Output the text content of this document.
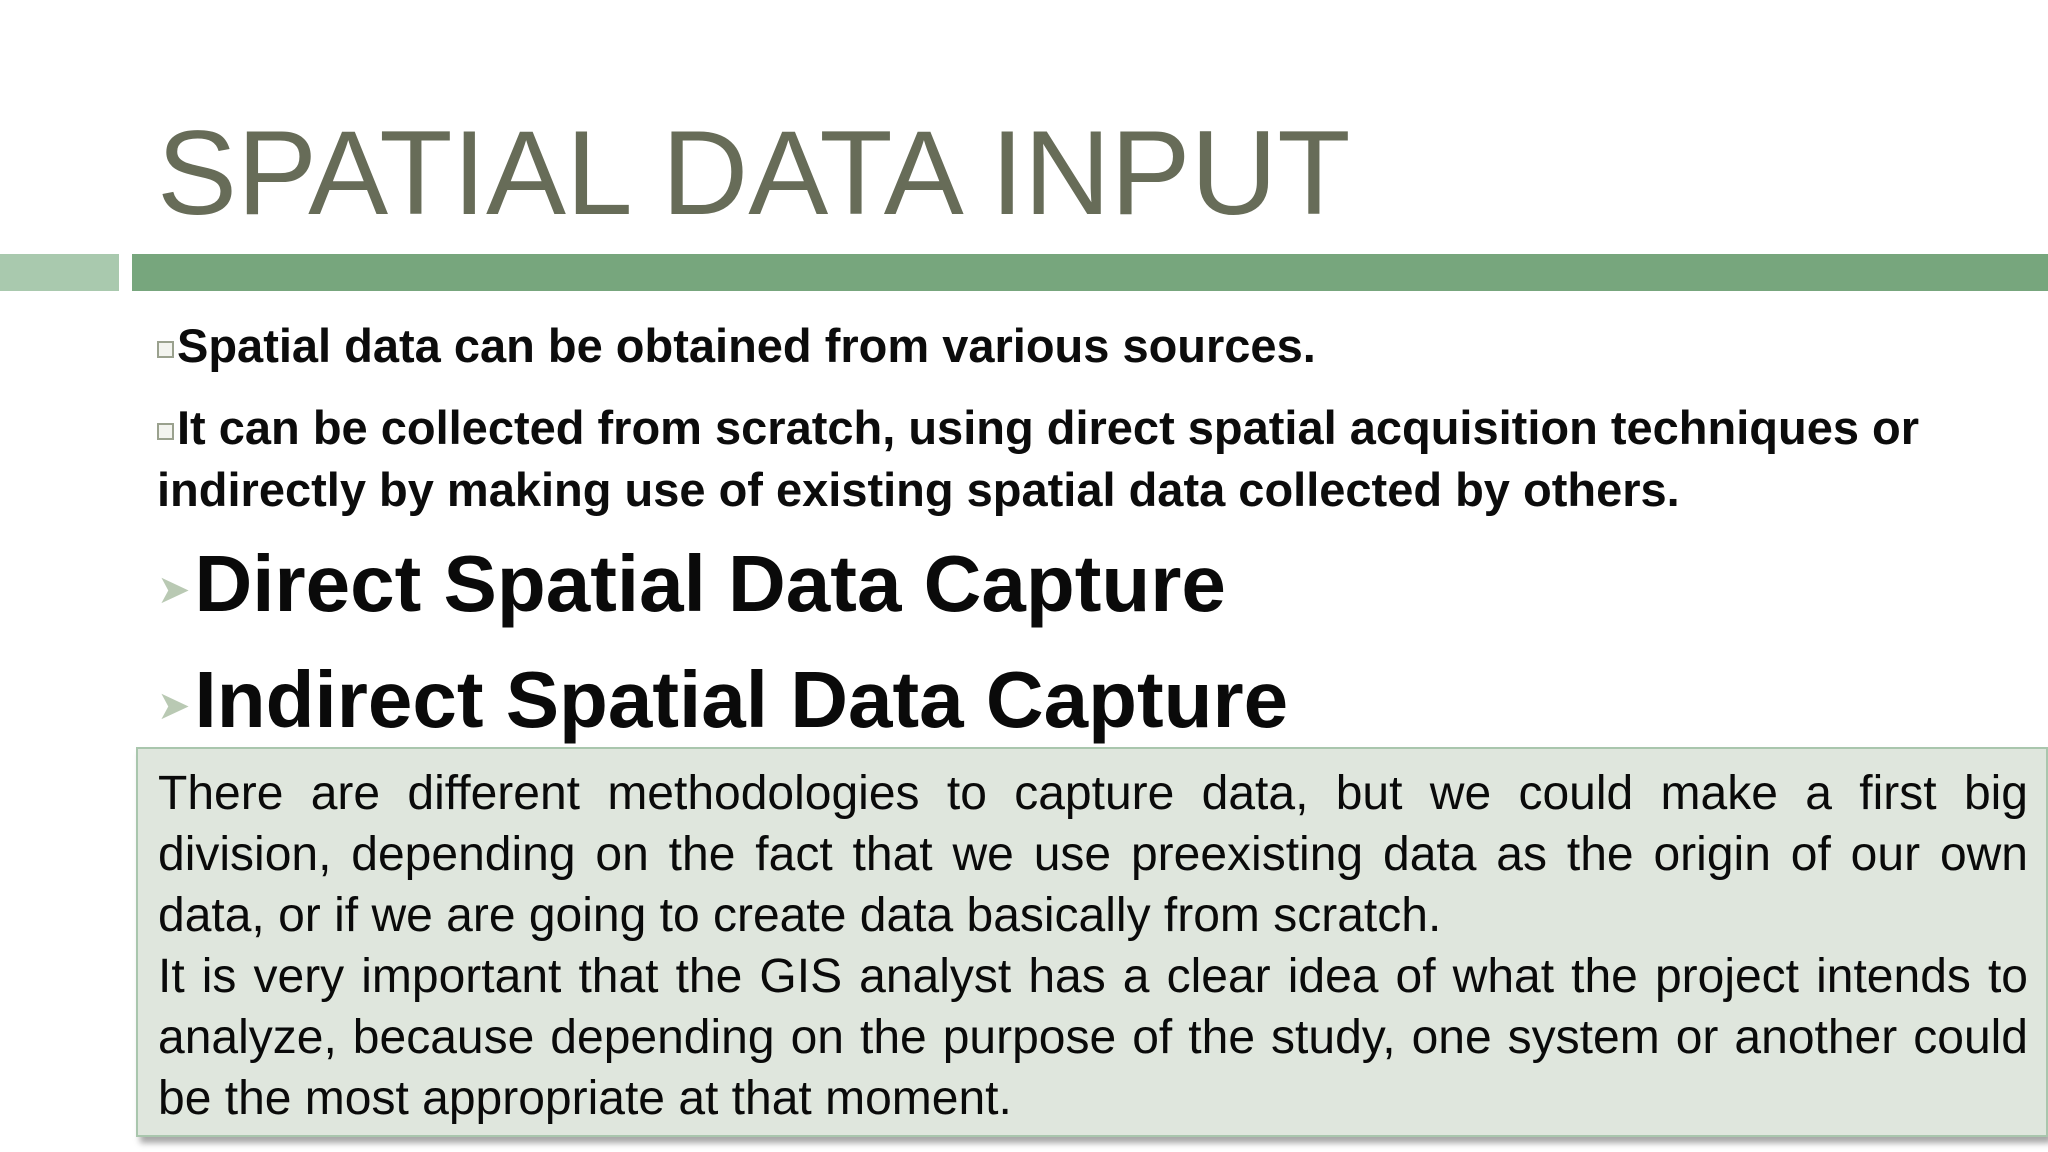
SPATIAL DATA INPUT

Spatial data can be obtained from various sources.

It can be collected from scratch, using direct spatial acquisition techniques or indirectly by making use of existing spatial data collected by others.

➤Direct Spatial Data Capture

➤Indirect Spatial Data Capture

There are different methodologies to capture data, but we could make a first big division, depending on the fact that we use preexisting data as the origin of our own data, or if we are going to create data basically from scratch.

It is very important that the GIS analyst has a clear idea of what the project intends to analyze, because depending on the purpose of the study, one system or another could be the most appropriate at that moment.
